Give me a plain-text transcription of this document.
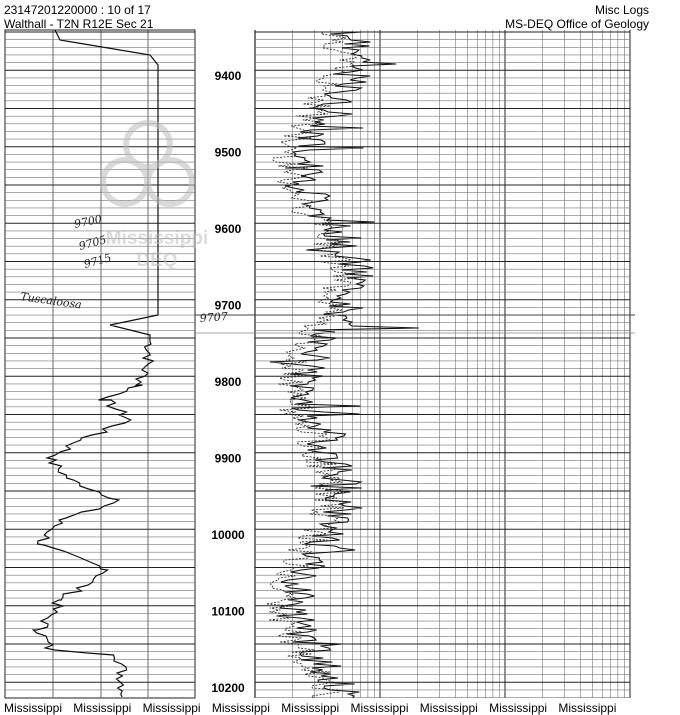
23147201220000 : 10 of 17
Walthall - T2N R12E Sec 21
Misc Logs
MS-DEQ Office of Geology
9400
9500
9600
9700
9800
9900
10000
10100
10200
9700
9705
9715
Tuscaloosa
9707
Mississippi
DEQ
Mississippi Mississippi Mississippi Mississippi Mississippi Mississippi Mississippi Mississippi Mississippi
